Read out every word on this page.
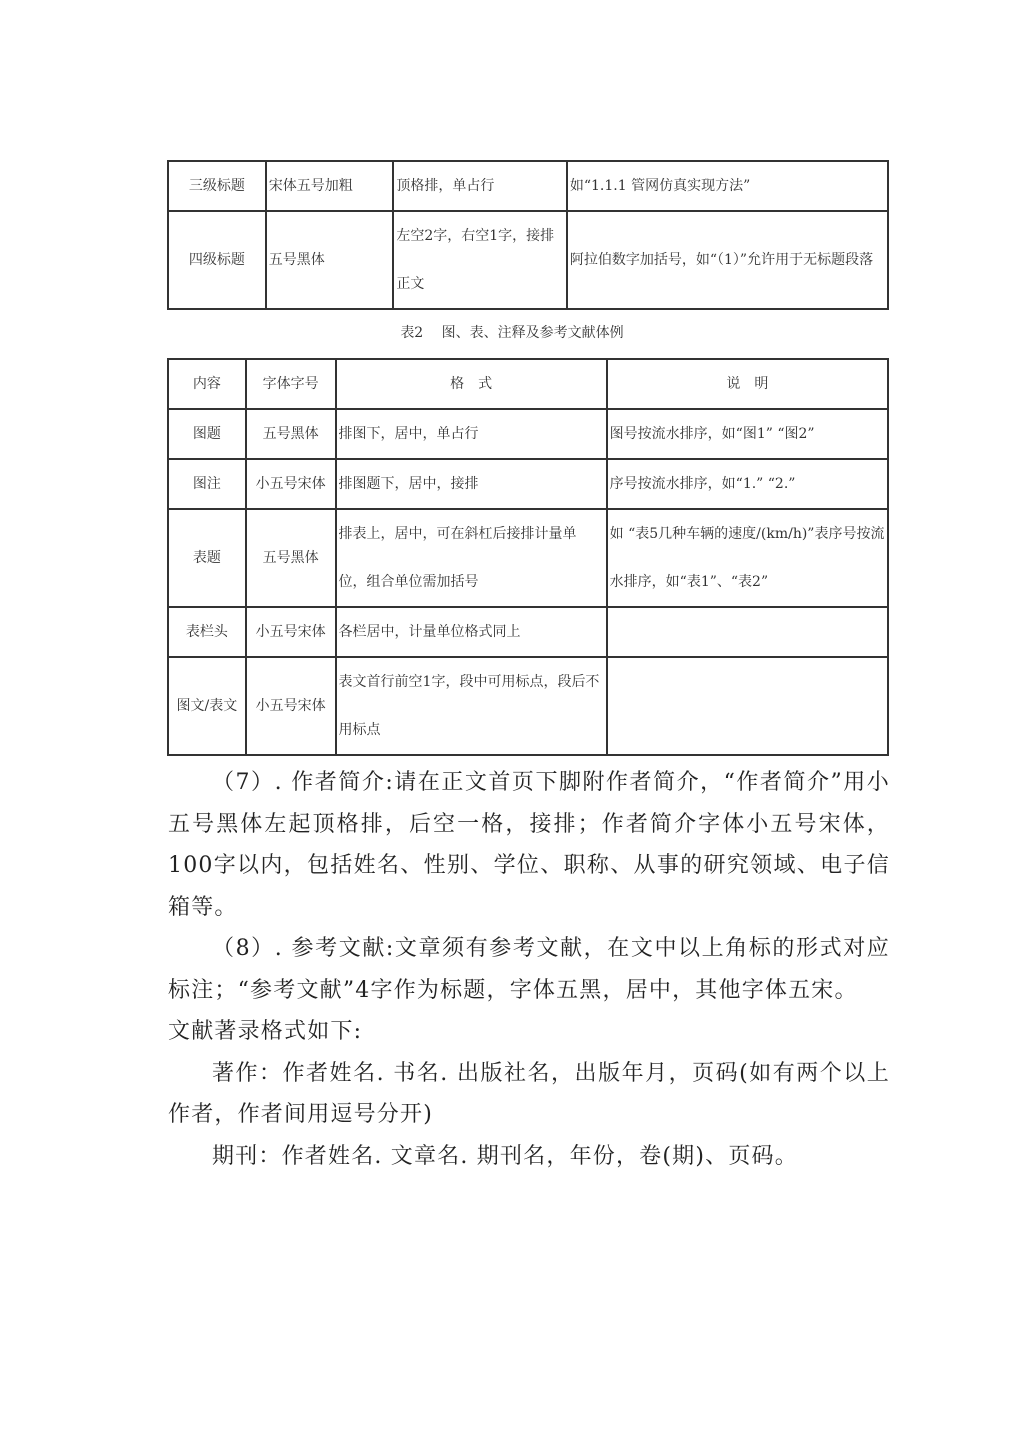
三级标题	宋体五号加粗	顶格排，单占行	如“1.1.1 管网仿真实现方法”
四级标题	五号黑体	左空2字，右空1字，接排正文	阿拉伯数字加括号，如“（1）”允许用于无标题段落
表2　 图、表、注释及参考文献体例
内容	字体字号	格　式	说　明
图题	五号黑体	排图下，居中，单占行	图号按流水排序，如“图1” “图2”
图注	小五号宋体	排图题下，居中，接排	序号按流水排序，如“1.” “2.”
表题	五号黑体	排表上，居中，可在斜杠后接排计量单位，组合单位需加括号	如 “表5几种车辆的速度/(km/h)”表序号按流水排序，如“表1”、“表2”
表栏头	小五号宋体	各栏居中，计量单位格式同上	
图文/表文	小五号宋体	表文首行前空1字，段中可用标点，段后不用标点	

（7）. 作者简介:请在正文首页下脚附作者简介，“作者简介”用小五号黑体左起顶格排，后空一格，接排；作者简介字体小五号宋体，100字以内，包括姓名、性别、学位、职称、从事的研究领域、电子信箱等。

（8）. 参考文献:文章须有参考文献，在文中以上角标的形式对应标注；“参考文献”4字作为标题，字体五黑，居中，其他字体五宋。

文献著录格式如下:

著作：作者姓名. 书名. 出版社名，出版年月，页码(如有两个以上作者，作者间用逗号分开)

期刊：作者姓名. 文章名. 期刊名，年份，卷(期)、页码。
